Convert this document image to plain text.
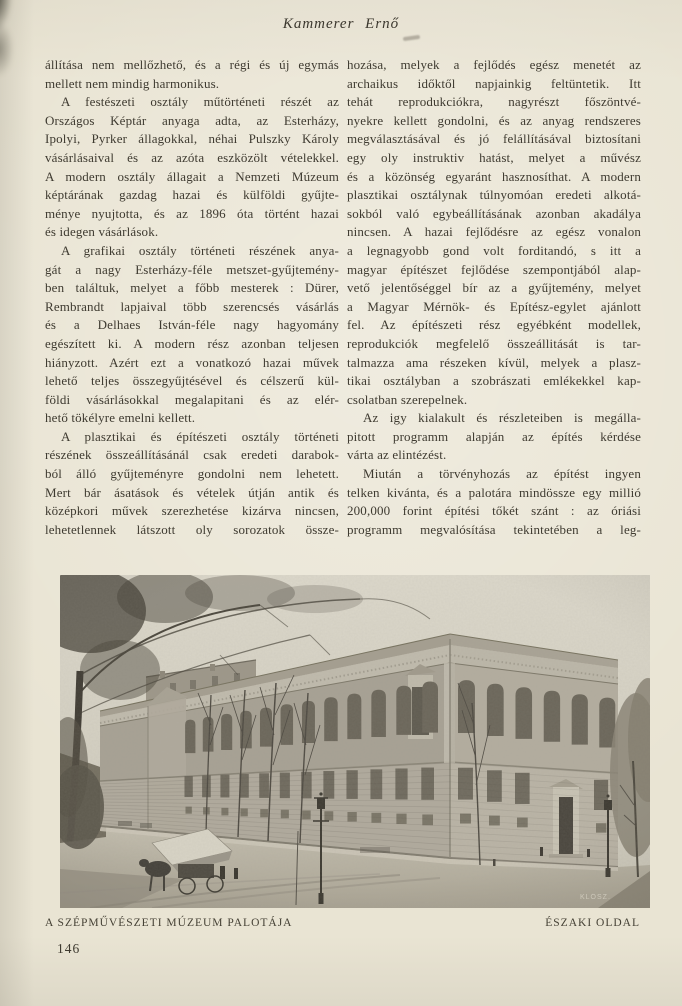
Kammerer Ernő
állítása nem mellőzhető, és a régi és új egymás
mellett nem mindig harmonikus.
A festészeti osztály műtörténeti részét az
Országos Képtár anyaga adta, az Esterházy,
Ipolyi, Pyrker állagokkal, néhai Pulszky Károly
vásárlásaival és az azóta eszközölt vételekkel.
A modern osztály állagait a Nemzeti Múzeum
képtárának gazdag hazai és külföldi gyűjte-
ménye nyujtotta, és az 1896 óta történt hazai
és idegen vásárlások.
A grafikai osztály történeti részének anya-
gát a nagy Esterházy-féle metszet-gyűjtemény-
ben találtuk, melyet a főbb mesterek : Dürer,
Rembrandt lapjaival több szerencsés vásárlás
és a Delhaes István-féle nagy hagyomány
egészített ki. A modern rész azonban teljesen
hiányzott. Azért ezt a vonatkozó hazai művek
lehető teljes összegyűjtésével és célszerű kül-
földi vásárlásokkal megalapitani és az elér-
hető tökélyre emelni kellett.
A plasztikai és építészeti osztály történeti
részének összeállításánál csak eredeti darabok-
ból álló gyűjteményre gondolni nem lehetett.
Mert bár ásatások és vételek útján antik és
középkori művek szerezhetése kizárva nincsen,
lehetetlennek látszott oly sorozatok össze-
hozása, melyek a fejlődés egész menetét az
archaikus időktől napjainkig feltüntetik. Itt
tehát reprodukciókra, nagyrészt főszöntvé-
nyekre kellett gondolni, és az anyag rendszeres
megválasztásával és jó felállításával biztosítani
egy oly instruktiv hatást, melyet a művész
és a közönség egyaránt hasznosíthat. A modern
plasztikai osztálynak túlnyomóan eredeti alkotá-
sokból való egybeállításának azonban akadálya
nincsen. A hazai fejlődésre az egész vonalon
a legnagyobb gond volt forditandó, s itt a
magyar építészet fejlődése szempontjából alap-
vető jelentőséggel bír az a gyűjtemény, melyet
a Magyar Mérnök- és Epítész-egylet ajánlott
fel. Az építészeti rész egyébként modellek,
reprodukciók megfelelő összeállitását is tar-
talmazza ama részeken kívül, melyek a plasz-
tikai osztályban a szobrászati emlékekkel kap-
csolatban szerepelnek.
Az igy kialakult és részleteiben is megálla-
pitott programm alapján az építés kérdése
várta az elintézést.
Miután a törvényhozás az építést ingyen
telken kivánta, és a palotára mindössze egy millió
200,000 forint építési tőkét szánt : az óriási
programm megvalósítása tekintetében a leg-
A SZÉPMŰVÉSZETI MÚZEUM PALOTÁJA	ÉSZAKI OLDAL
146
